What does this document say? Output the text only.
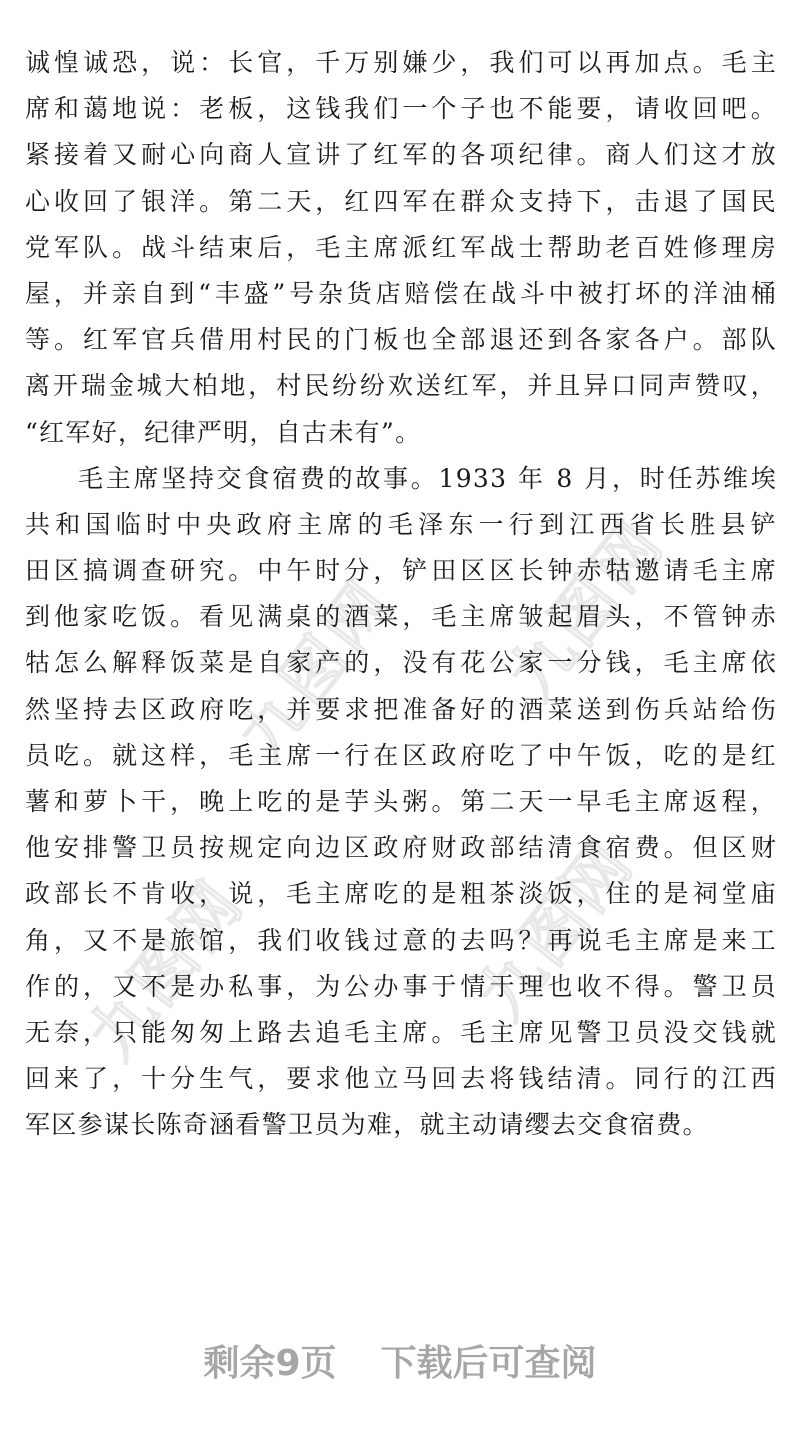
九图网
九图网
九图网
九图网

诚惶诚恐，说：长官，千万别嫌少，我们可以再加点。毛主
席和蔼地说：老板，这钱我们一个子也不能要，请收回吧。
紧接着又耐心向商人宣讲了红军的各项纪律。商人们这才放
心收回了银洋。第二天，红四军在群众支持下，击退了国民
党军队。战斗结束后，毛主席派红军战士帮助老百姓修理房
屋，并亲自到“丰盛”号杂货店赔偿在战斗中被打坏的洋油桶
等。红军官兵借用村民的门板也全部退还到各家各户。部队
离开瑞金城大柏地，村民纷纷欢送红军，并且异口同声赞叹，
“红军好，纪律严明，自古未有”。

毛主席坚持交食宿费的故事。1933 年 8 月，时任苏维埃
共和国临时中央政府主席的毛泽东一行到江西省长胜县铲
田区搞调查研究。中午时分，铲田区区长钟赤牯邀请毛主席
到他家吃饭。看见满桌的酒菜，毛主席皱起眉头，不管钟赤
牯怎么解释饭菜是自家产的，没有花公家一分钱，毛主席依
然坚持去区政府吃，并要求把准备好的酒菜送到伤兵站给伤
员吃。就这样，毛主席一行在区政府吃了中午饭，吃的是红
薯和萝卜干，晚上吃的是芋头粥。第二天一早毛主席返程，
他安排警卫员按规定向边区政府财政部结清食宿费。但区财
政部长不肯收，说，毛主席吃的是粗茶淡饭，住的是祠堂庙
角，又不是旅馆，我们收钱过意的去吗？再说毛主席是来工
作的，又不是办私事，为公办事于情于理也收不得。警卫员
无奈，只能匆匆上路去追毛主席。毛主席见警卫员没交钱就
回来了，十分生气，要求他立马回去将钱结清。同行的江西
军区参谋长陈奇涵看警卫员为难，就主动请缨去交食宿费。

剩余9页 下载后可查阅
